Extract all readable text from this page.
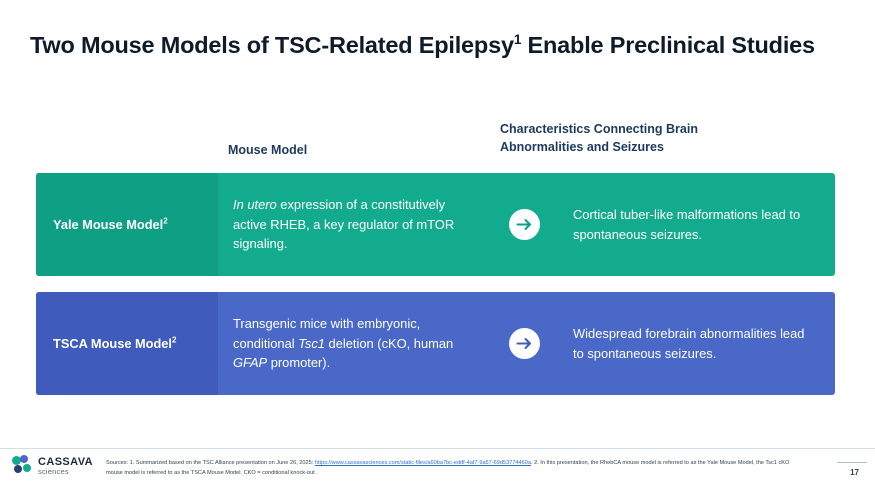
Two Mouse Models of TSC-Related Epilepsy$^1$ Enable Preclinical Studies
Mouse Model
Characteristics Connecting Brain Abnormalities and Seizures
Yale Mouse Model$^2$
In utero expression of a constitutively active RHEB, a key regulator of mTOR signaling.
Cortical tuber-like malformations lead to spontaneous seizures.
TSCA Mouse Model$^2$
Transgenic mice with embryonic, conditional Tsc1 deletion (cKO, human GFAP promoter).
Widespread forebrain abnormalities lead to spontaneous seizures.
CASSAVA
sciences
Sources: 1. Summarized based on the TSC Alliance presentation on June 26, 2025: https://www.cassavasciences.com/static-files/a60ba7bc-eddf-4af7-9a57-69d53774460a. 2. In this presentation, the RhebCA mouse model is referred to as the Yale Mouse Model, the Tsc1 cKO mouse model is referred to as the TSCA Mouse Model. CKO = conditional knock-out .	17
